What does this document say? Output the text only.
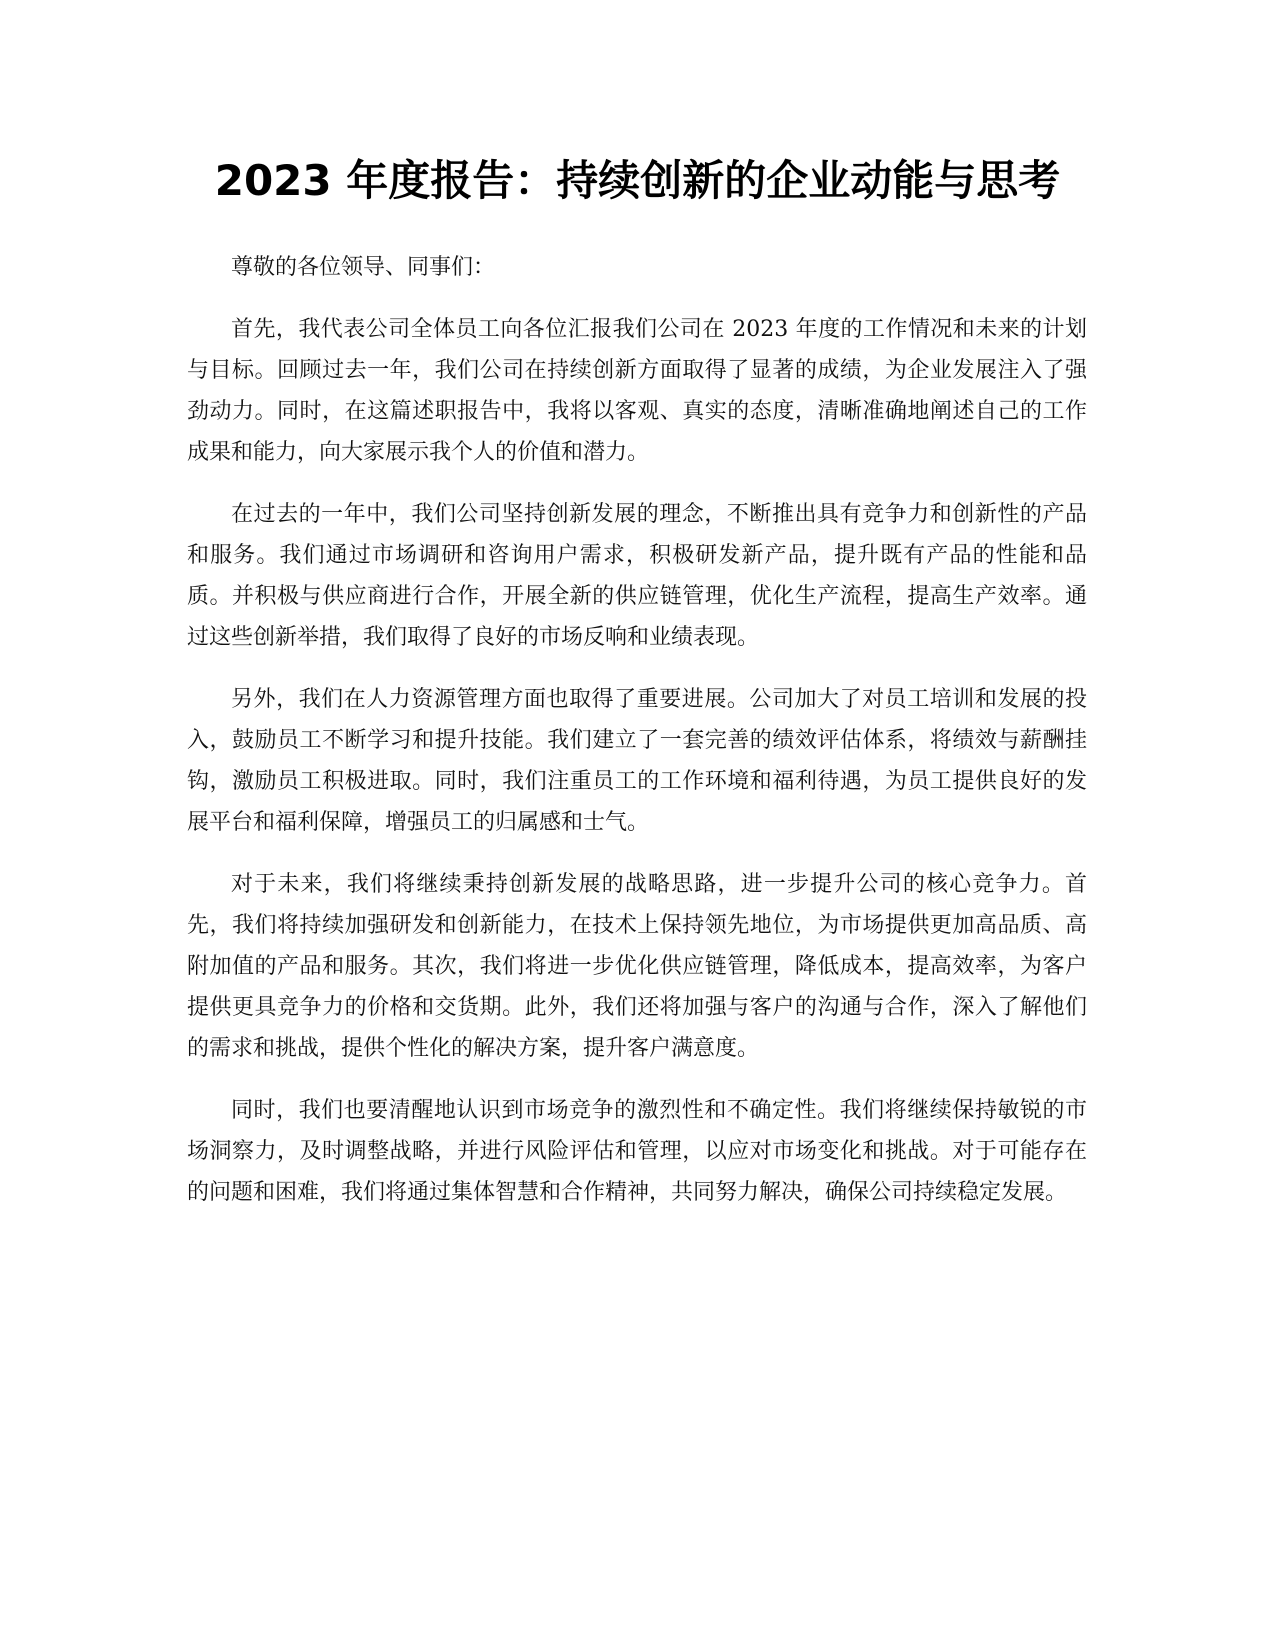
2023 年度报告：持续创新的企业动能与思考

尊敬的各位领导、同事们：

首先，我代表公司全体员工向各位汇报我们公司在 2023 年度的工作情况和未来的计划与目标。回顾过去一年，我们公司在持续创新方面取得了显著的成绩，为企业发展注入了强劲动力。同时，在这篇述职报告中，我将以客观、真实的态度，清晰准确地阐述自己的工作成果和能力，向大家展示我个人的价值和潜力。

在过去的一年中，我们公司坚持创新发展的理念，不断推出具有竞争力和创新性的产品和服务。我们通过市场调研和咨询用户需求，积极研发新产品，提升既有产品的性能和品质。并积极与供应商进行合作，开展全新的供应链管理，优化生产流程，提高生产效率。通过这些创新举措，我们取得了良好的市场反响和业绩表现。

另外，我们在人力资源管理方面也取得了重要进展。公司加大了对员工培训和发展的投入，鼓励员工不断学习和提升技能。我们建立了一套完善的绩效评估体系，将绩效与薪酬挂钩，激励员工积极进取。同时，我们注重员工的工作环境和福利待遇，为员工提供良好的发展平台和福利保障，增强员工的归属感和士气。

对于未来，我们将继续秉持创新发展的战略思路，进一步提升公司的核心竞争力。首先，我们将持续加强研发和创新能力，在技术上保持领先地位，为市场提供更加高品质、高附加值的产品和服务。其次，我们将进一步优化供应链管理，降低成本，提高效率，为客户提供更具竞争力的价格和交货期。此外，我们还将加强与客户的沟通与合作，深入了解他们的需求和挑战，提供个性化的解决方案，提升客户满意度。

同时，我们也要清醒地认识到市场竞争的激烈性和不确定性。我们将继续保持敏锐的市场洞察力，及时调整战略，并进行风险评估和管理，以应对市场变化和挑战。对于可能存在的问题和困难，我们将通过集体智慧和合作精神，共同努力解决，确保公司持续稳定发展。
